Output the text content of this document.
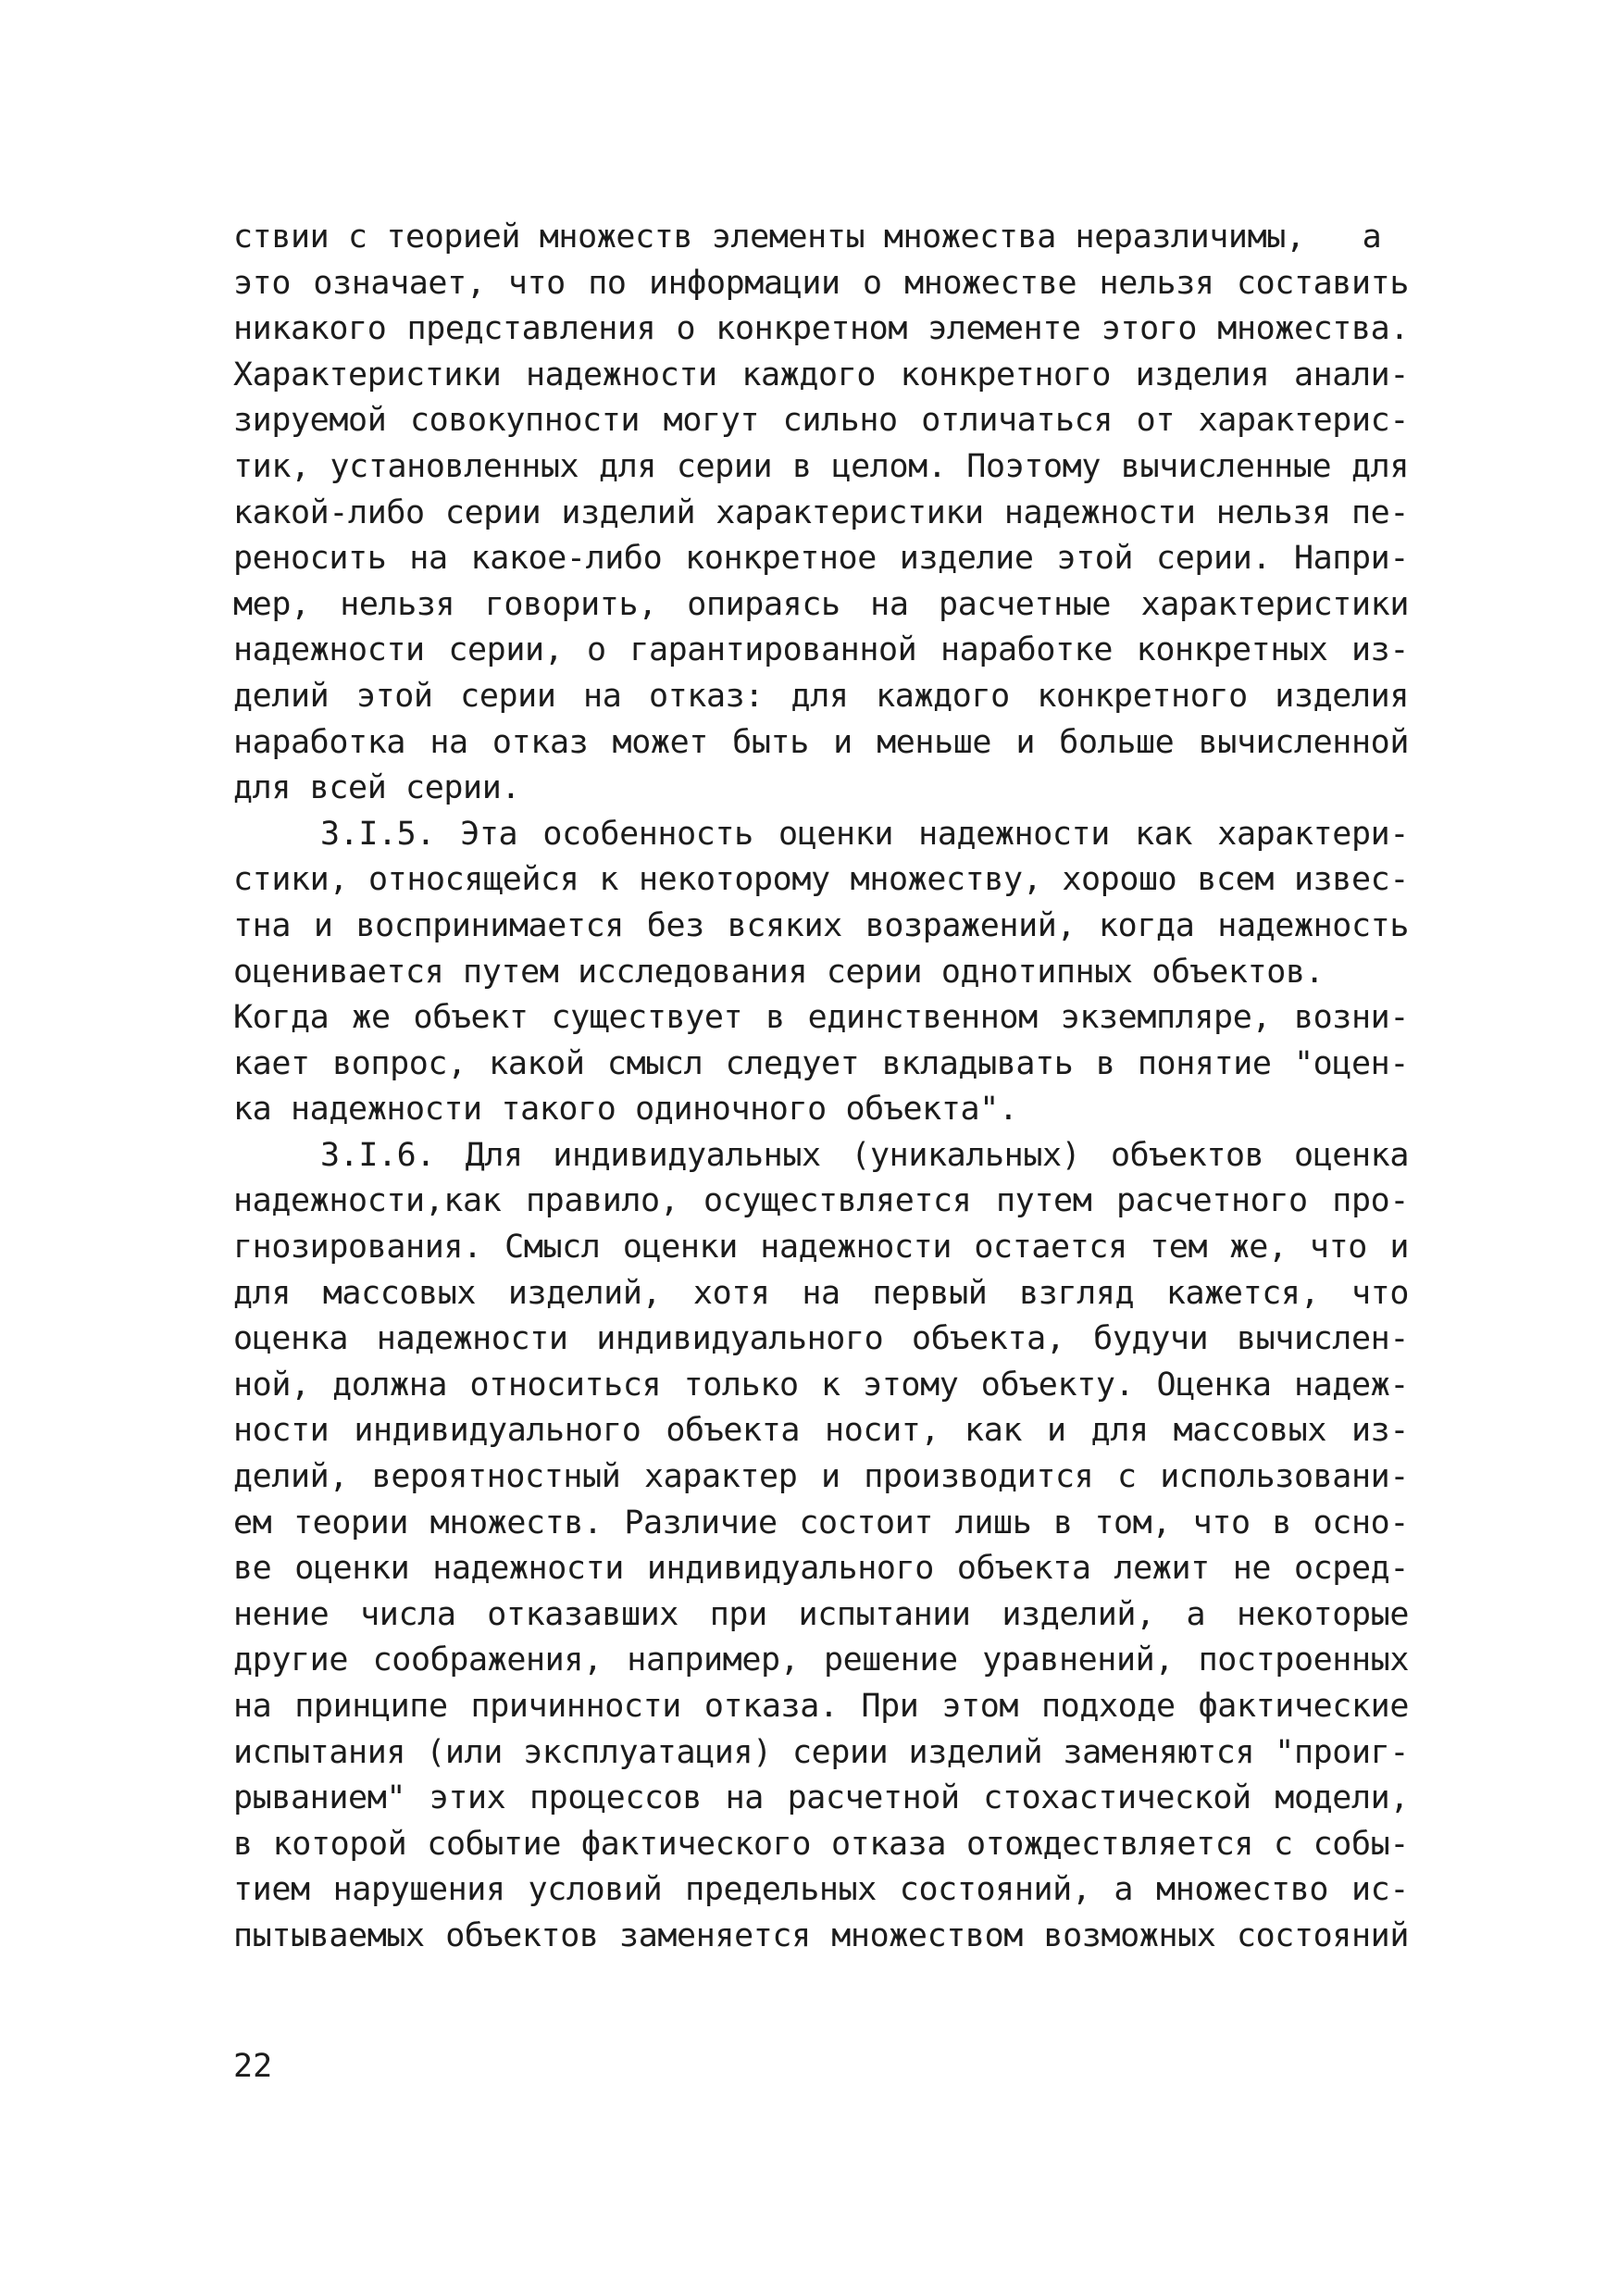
ствии с теорией множеств элементы множества неразличимы,   а
это означает, что по информации о множестве нельзя составить
никакого представления о конкретном элементе этого множества.
Характеристики надежности каждого конкретного изделия анали-
зируемой совокупности могут сильно отличаться от характерис-
тик, установленных для серии в целом. Поэтому вычисленные для
какой-либо серии изделий характеристики надежности нельзя пе-
реносить на какое-либо конкретное изделие этой серии. Напри-
мер, нельзя говорить, опираясь на расчетные характеристики
надежности серии, о гарантированной наработке конкретных из-
делий этой серии на отказ: для каждого конкретного изделия
наработка на отказ может быть и меньше и больше вычисленной
для всей серии.
3.I.5. Эта особенность оценки надежности как характери-
стики, относящейся к некоторому множеству, хорошо всем извес-
тна и воспринимается без всяких возражений, когда надежность
оценивается путем исследования серии однотипных объектов.
Когда же объект существует в единственном экземпляре, возни-
кает вопрос, какой смысл следует вкладывать в понятие "оцен-
ка надежности такого одиночного объекта".
3.I.6. Для индивидуальных (уникальных) объектов оценка
надежности,как правило, осуществляется путем расчетного про-
гнозирования. Смысл оценки надежности остается тем же, что и
для массовых изделий, хотя на первый взгляд кажется, что
оценка надежности индивидуального объекта, будучи вычислен-
ной, должна относиться только к этому объекту. Оценка надеж-
ности индивидуального объекта носит, как и для массовых из-
делий, вероятностный характер и производится с использовани-
ем теории множеств. Различие состоит лишь в том, что в осно-
ве оценки надежности индивидуального объекта лежит не осред-
нение числа отказавших при испытании изделий, а некоторые
другие соображения, например, решение уравнений, построенных
на принципе причинности отказа. При этом подходе фактические
испытания (или эксплуатация) серии изделий заменяются "проиг-
рыванием" этих процессов на расчетной стохастической модели,
в которой событие фактического отказа отождествляется с собы-
тием нарушения условий предельных состояний, а множество ис-
пытываемых объектов заменяется множеством возможных состояний
22
